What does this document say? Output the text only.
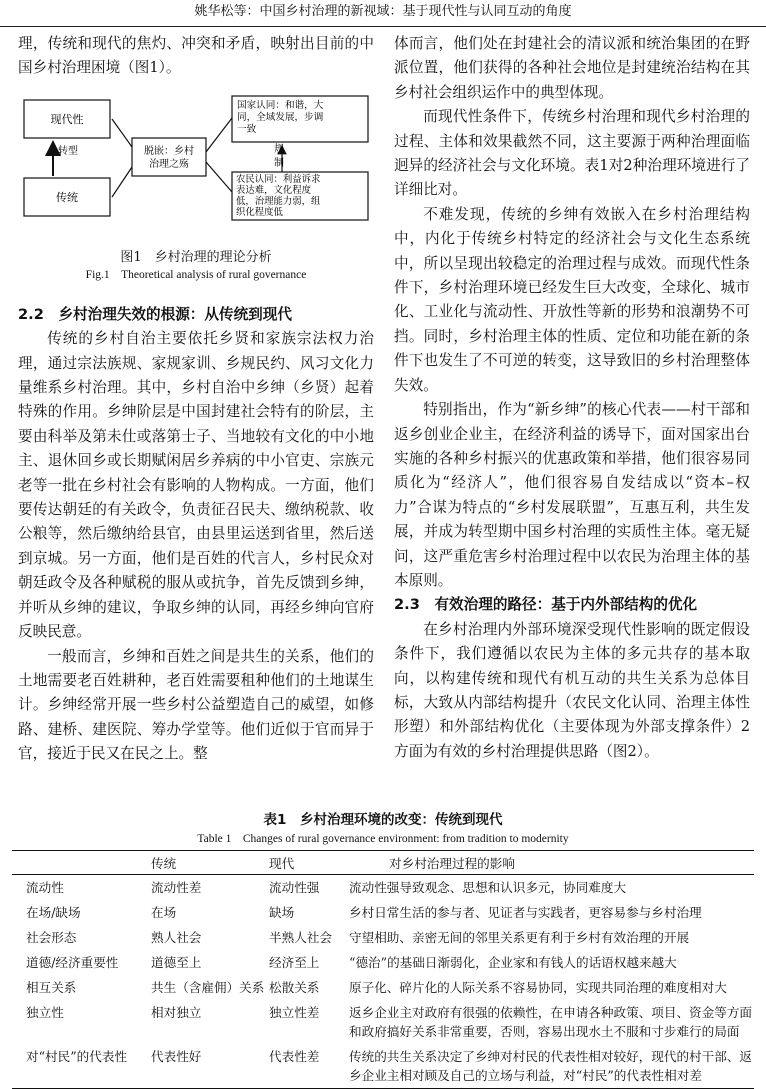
姚华松等：中国乡村治理的新视域：基于现代性与认同互动的角度

理，传统和现代的焦灼、冲突和矛盾，映射出目前的中国乡村治理困境（图1）。

图1　乡村治理的理论分析
Fig.1　Theoretical analysis of rural governance

2.2　乡村治理失效的根源：从传统到现代

传统的乡村自治主要依托乡贤和家族宗法权力治理，通过宗法族规、家规家训、乡规民约、风习文化力量维系乡村治理。其中，乡村自治中乡绅（乡贤）起着特殊的作用。乡绅阶层是中国封建社会特有的阶层，主要由科举及第未仕或落第士子、当地较有文化的中小地主、退休回乡或长期赋闲居乡养病的中小官吏、宗族元老等一批在乡村社会有影响的人物构成。一方面，他们要传达朝廷的有关政令，负责征召民夫、缴纳税款、收公粮等，然后缴纳给县官，由县里运送到省里，然后送到京城。另一方面，他们是百姓的代言人，乡村民众对朝廷政令及各种赋税的服从或抗争，首先反馈到乡绅，并听从乡绅的建议，争取乡绅的认同，再经乡绅向官府反映民意。

一般而言，乡绅和百姓之间是共生的关系，他们的土地需要老百姓耕种，老百姓需要租种他们的土地谋生计。乡绅经常开展一些乡村公益塑造自己的威望，如修路、建桥、建医院、筹办学堂等。他们近似于官而异于官，接近于民又在民之上。整

现代性
传统
转型	脱嵌：乡村治理之殇
国家认同：和谐，大同，全域发展，步调一致
规制
农民认同：利益诉求表达难，文化程度低，治理能力弱，组织化程度低

体而言，他们处在封建社会的清议派和统治集团的在野派位置，他们获得的各种社会地位是封建统治结构在其乡村社会组织运作中的典型体现。

而现代性条件下，传统乡村治理和现代乡村治理的过程、主体和效果截然不同，这主要源于两种治理面临迥异的经济社会与文化环境。表1对2种治理环境进行了详细比对。

不难发现，传统的乡绅有效嵌入在乡村治理结构中，内化于传统乡村特定的经济社会与文化生态系统中，所以呈现出较稳定的治理过程与成效。而现代性条件下，乡村治理环境已经发生巨大改变，全球化、城市化、工业化与流动性、开放性等新的形势和浪潮势不可挡。同时，乡村治理主体的性质、定位和功能在新的条件下也发生了不可逆的转变，这导致旧的乡村治理整体失效。

特别指出，作为“新乡绅”的核心代表——村干部和返乡创业企业主，在经济利益的诱导下，面对国家出台实施的各种乡村振兴的优惠政策和举措，他们很容易同质化为“经济人”，他们很容易自发结成以“资本–权力”合谋为特点的“乡村发展联盟”，互惠互利，共生发展，并成为转型期中国乡村治理的实质性主体。毫无疑问，这严重危害乡村治理过程中以农民为治理主体的基本原则。

2.3　有效治理的路径：基于内外部结构的优化

在乡村治理内外部环境深受现代性影响的既定假设条件下，我们遵循以农民为主体的多元共存的基本取向，以构建传统和现代有机互动的共生关系为总体目标，大致从内部结构提升（农民文化认同、治理主体性形塑）和外部结构优化（主要体现为外部支撑条件）2方面为有效的乡村治理提供思路（图2）。

表1　乡村治理环境的改变：传统到现代
Table 1　Changes of rural governance environment: from tradition to modernity
	传统	现代	对乡村治理过程的影响
流动性	流动性差	流动性强	流动性强导致观念、思想和认识多元，协同难度大
在场/缺场	在场	缺场	乡村日常生活的参与者、见证者与实践者，更容易参与乡村治理
社会形态	熟人社会	半熟人社会	守望相助、亲密无间的邻里关系更有利于乡村有效治理的开展
道德/经济重要性	道德至上	经济至上	“德治”的基础日渐弱化，企业家和有钱人的话语权越来越大
相互关系	共生（含雇佣）关系	松散关系	原子化、碎片化的人际关系不容易协同，实现共同治理的难度相对大
独立性	相对独立	独立性差	返乡企业主对政府有很强的依赖性，在申请各种政策、项目、资金等方面和政府搞好关系非常重要，否则，容易出现水土不服和寸步难行的局面
对“村民”的代表性	代表性好	代表性差	传统的共生关系决定了乡绅对村民的代表性相对较好，现代的村干部、返乡企业主相对顾及自己的立场与利益，对“村民”的代表性相对差
